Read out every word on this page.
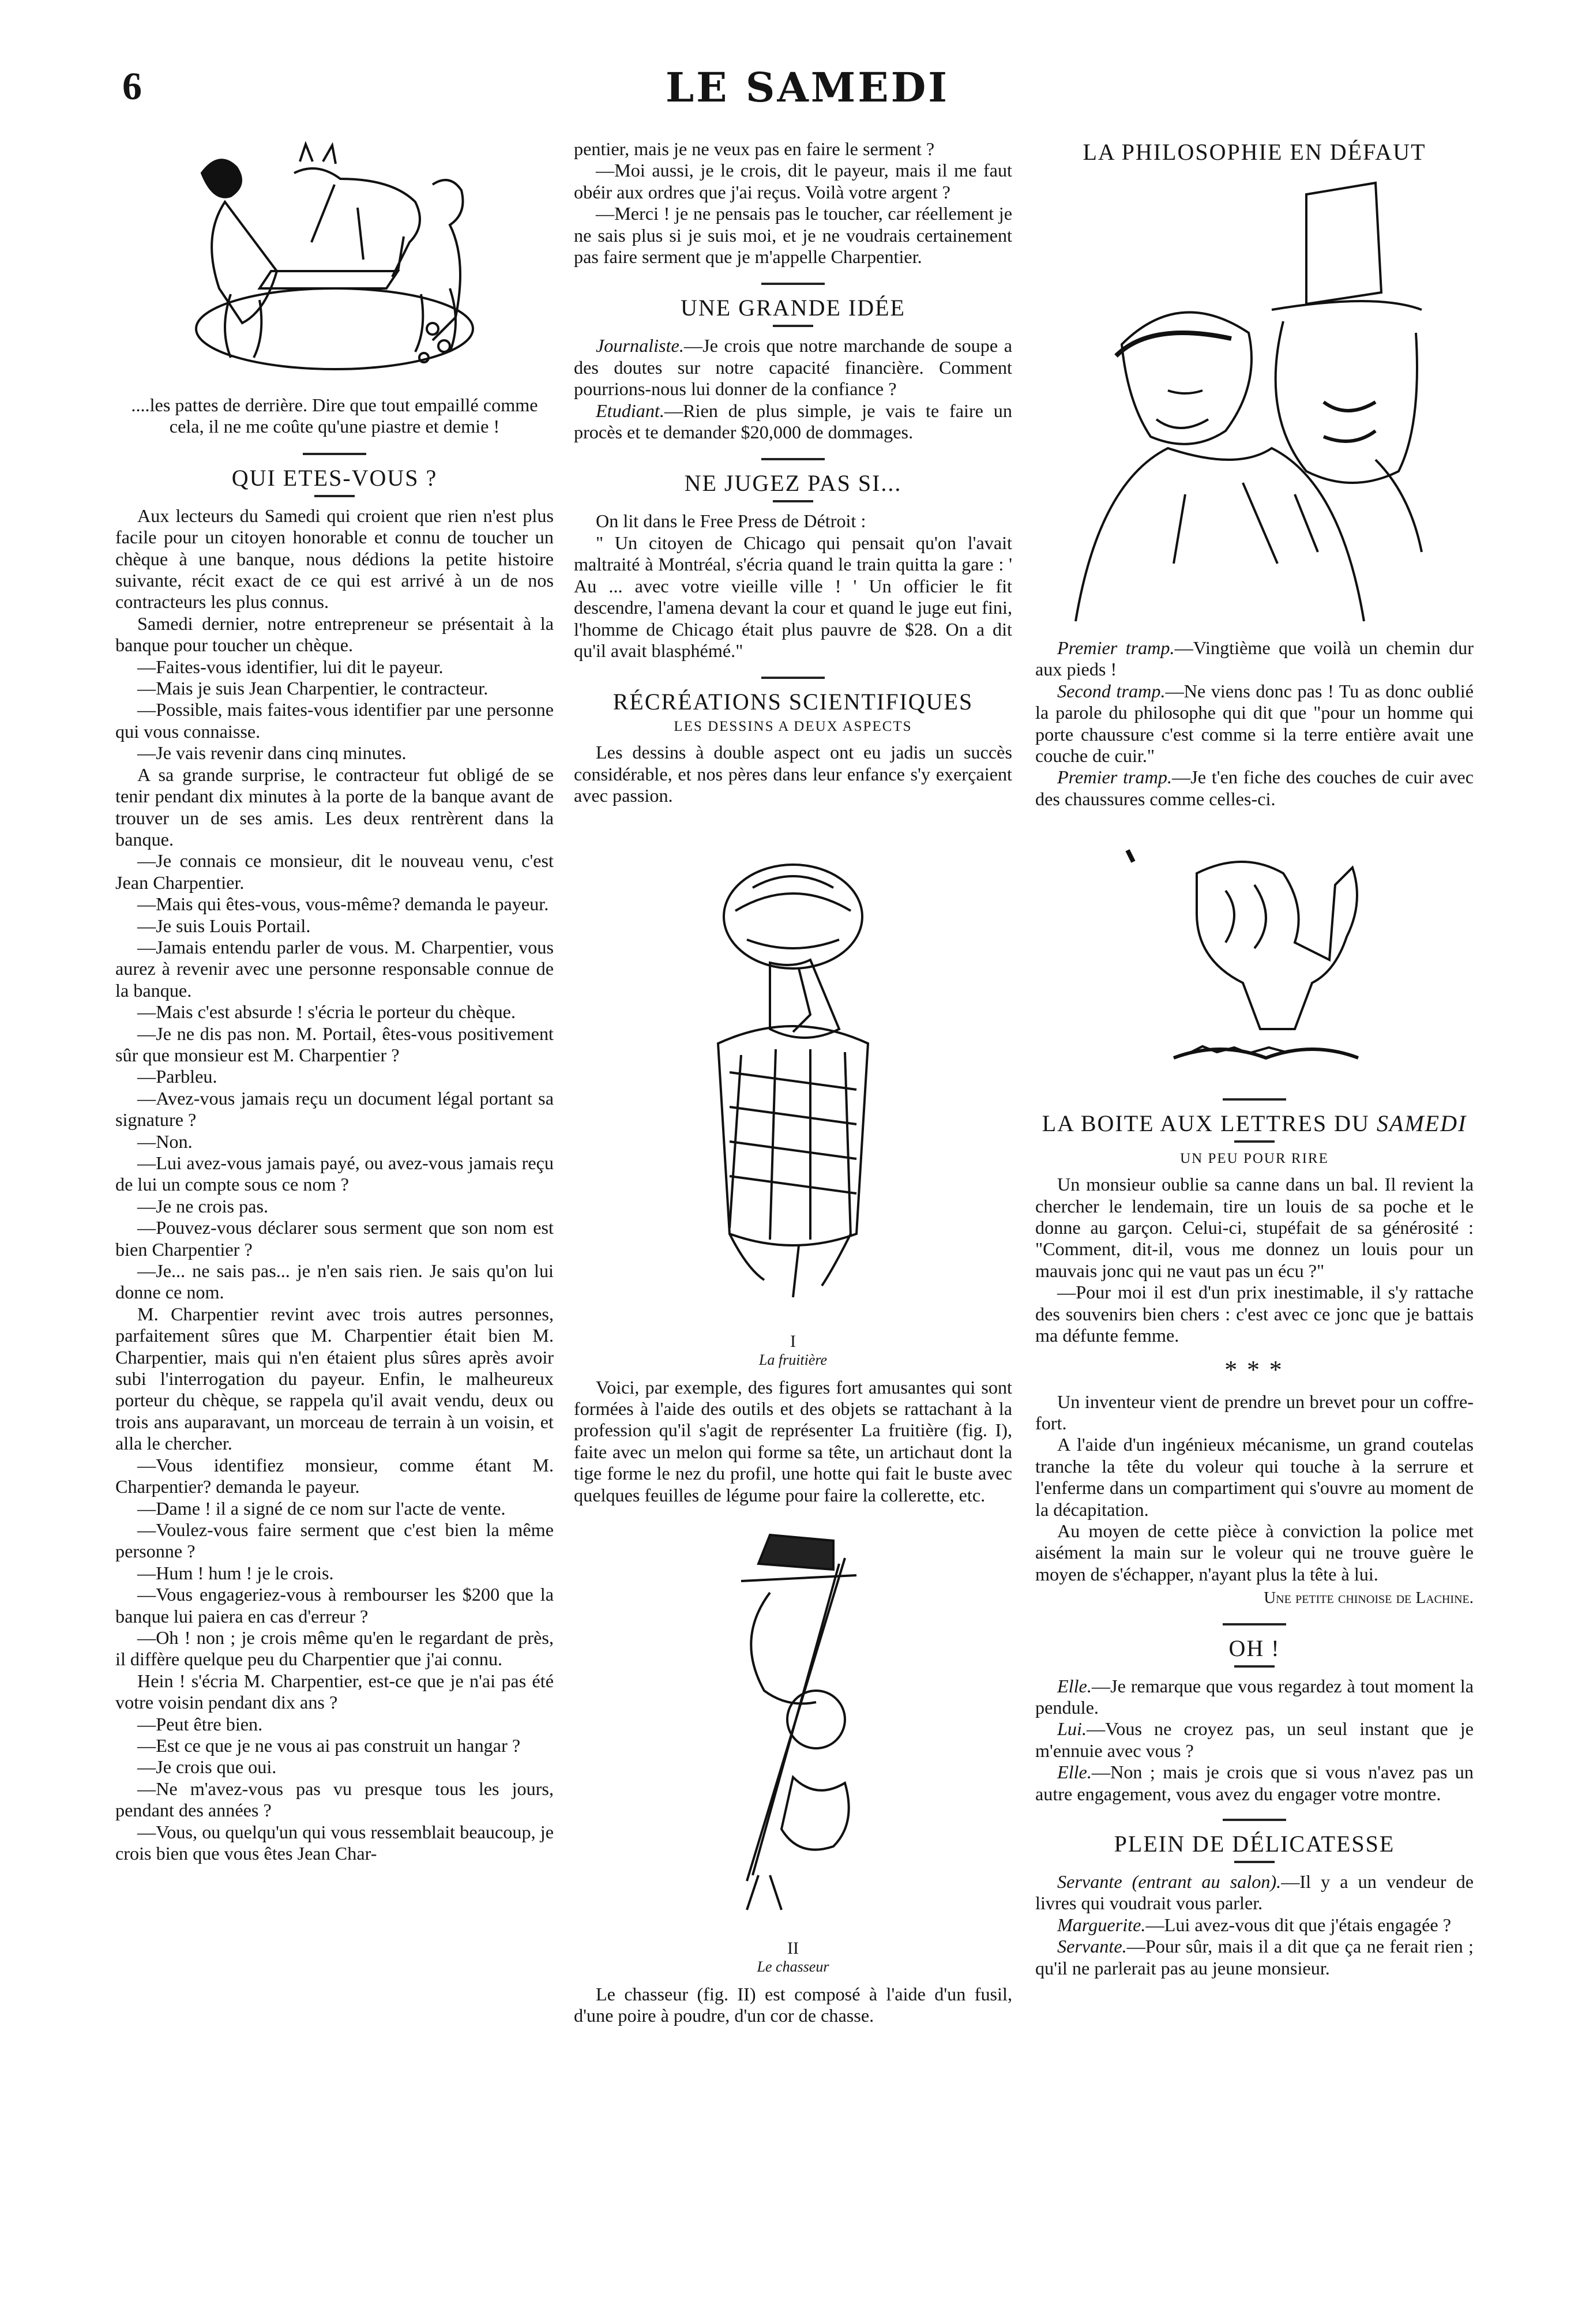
6	LE SAMEDI

....les pattes de derrière. Dire que tout empaillé comme cela, il ne me coûte qu'une piastre et demie !

QUI ETES-VOUS ?

Aux lecteurs du Samedi qui croient que rien n'est plus facile pour un citoyen honorable et connu de toucher un chèque à une banque, nous dédions la petite histoire suivante, récit exact de ce qui est arrivé à un de nos contracteurs les plus connus.

Samedi dernier, notre entrepreneur se présentait à la banque pour toucher un chèque.

—Faites-vous identifier, lui dit le payeur.

—Mais je suis Jean Charpentier, le contracteur.

—Possible, mais faites-vous identifier par une personne qui vous connaisse.

—Je vais revenir dans cinq minutes.

A sa grande surprise, le contracteur fut obligé de se tenir pendant dix minutes à la porte de la banque avant de trouver un de ses amis. Les deux rentrèrent dans la banque.

—Je connais ce monsieur, dit le nouveau venu, c'est Jean Charpentier.

—Mais qui êtes-vous, vous-même? demanda le payeur.

—Je suis Louis Portail.

—Jamais entendu parler de vous. M. Charpentier, vous aurez à revenir avec une personne responsable connue de la banque.

—Mais c'est absurde ! s'écria le porteur du chèque.

—Je ne dis pas non. M. Portail, êtes-vous positivement sûr que monsieur est M. Charpentier ?

—Parbleu.

—Avez-vous jamais reçu un document légal portant sa signature ?

—Non.

—Lui avez-vous jamais payé, ou avez-vous jamais reçu de lui un compte sous ce nom ?

—Je ne crois pas.

—Pouvez-vous déclarer sous serment que son nom est bien Charpentier ?

—Je... ne sais pas... je n'en sais rien. Je sais qu'on lui donne ce nom.

M. Charpentier revint avec trois autres personnes, parfaitement sûres que M. Charpentier était bien M. Charpentier, mais qui n'en étaient plus sûres après avoir subi l'interrogation du payeur. Enfin, le malheureux porteur du chèque, se rappela qu'il avait vendu, deux ou trois ans auparavant, un morceau de terrain à un voisin, et alla le chercher.

—Vous identifiez monsieur, comme étant M. Charpentier? demanda le payeur.

—Dame ! il a signé de ce nom sur l'acte de vente.

—Voulez-vous faire serment que c'est bien la même personne ?

—Hum ! hum ! je le crois.

—Vous engageriez-vous à rembourser les $200 que la banque lui paiera en cas d'erreur ?

—Oh ! non ; je crois même qu'en le regardant de près, il diffère quelque peu du Charpentier que j'ai connu.

Hein ! s'écria M. Charpentier, est-ce que je n'ai pas été votre voisin pendant dix ans ?

—Peut être bien.

—Est ce que je ne vous ai pas construit un hangar ?

—Je crois que oui.

—Ne m'avez-vous pas vu presque tous les jours, pendant des années ?

—Vous, ou quelqu'un qui vous ressemblait beaucoup, je crois bien que vous êtes Jean Char-

pentier, mais je ne veux pas en faire le serment ?

—Moi aussi, je le crois, dit le payeur, mais il me faut obéir aux ordres que j'ai reçus. Voilà votre argent ?

—Merci ! je ne pensais pas le toucher, car réellement je ne sais plus si je suis moi, et je ne voudrais certainement pas faire serment que je m'appelle Charpentier.

UNE GRANDE IDÉE

Journaliste.—Je crois que notre marchande de soupe a des doutes sur notre capacité financière. Comment pourrions-nous lui donner de la confiance ?

Etudiant.—Rien de plus simple, je vais te faire un procès et te demander $20,000 de dommages.

NE JUGEZ PAS SI...

On lit dans le Free Press de Détroit :

" Un citoyen de Chicago qui pensait qu'on l'avait maltraité à Montréal, s'écria quand le train quitta la gare : ' Au ... avec votre vieille ville ! ' Un officier le fit descendre, l'amena devant la cour et quand le juge eut fini, l'homme de Chicago était plus pauvre de $28. On a dit qu'il avait blasphémé."

RÉCRÉATIONS SCIENTIFIQUES
LES DESSINS A DEUX ASPECTS

Les dessins à double aspect ont eu jadis un succès considérable, et nos pères dans leur enfance s'y exerçaient avec passion.

I
La fruitière

Voici, par exemple, des figures fort amusantes qui sont formées à l'aide des outils et des objets se rattachant à la profession qu'il s'agit de représenter La fruitière (fig. I), faite avec un melon qui forme sa tête, un artichaut dont la tige forme le nez du profil, une hotte qui fait le buste avec quelques feuilles de légume pour faire la collerette, etc.

II
Le chasseur

Le chasseur (fig. II) est composé à l'aide d'un fusil, d'une poire à poudre, d'un cor de chasse.

LA PHILOSOPHIE EN DÉFAUT

Premier tramp.—Vingtième que voilà un chemin dur aux pieds !

Second tramp.—Ne viens donc pas ! Tu as donc oublié la parole du philosophe qui dit que "pour un homme qui porte chaussure c'est comme si la terre entière avait une couche de cuir."

Premier tramp.—Je t'en fiche des couches de cuir avec des chaussures comme celles-ci.

LA BOITE AUX LETTRES DU SAMEDI
UN PEU POUR RIRE

Un monsieur oublie sa canne dans un bal. Il revient la chercher le lendemain, tire un louis de sa poche et le donne au garçon. Celui-ci, stupéfait de sa générosité : "Comment, dit-il, vous me donnez un louis pour un mauvais jonc qui ne vaut pas un écu ?"

—Pour moi il est d'un prix inestimable, il s'y rattache des souvenirs bien chers : c'est avec ce jonc que je battais ma défunte femme.

* * *

Un inventeur vient de prendre un brevet pour un coffre-fort.

A l'aide d'un ingénieux mécanisme, un grand coutelas tranche la tête du voleur qui touche à la serrure et l'enferme dans un compartiment qui s'ouvre au moment de la décapitation.

Au moyen de cette pièce à conviction la police met aisément la main sur le voleur qui ne trouve guère le moyen de s'échapper, n'ayant plus la tête à lui.

Une petite chinoise de Lachine.

OH !

Elle.—Je remarque que vous regardez à tout moment la pendule.

Lui.—Vous ne croyez pas, un seul instant que je m'ennuie avec vous ?

Elle.—Non ; mais je crois que si vous n'avez pas un autre engagement, vous avez du engager votre montre.

PLEIN DE DÉLICATESSE

Servante (entrant au salon).—Il y a un vendeur de livres qui voudrait vous parler.

Marguerite.—Lui avez-vous dit que j'étais engagée ?

Servante.—Pour sûr, mais il a dit que ça ne ferait rien ; qu'il ne parlerait pas au jeune monsieur.
